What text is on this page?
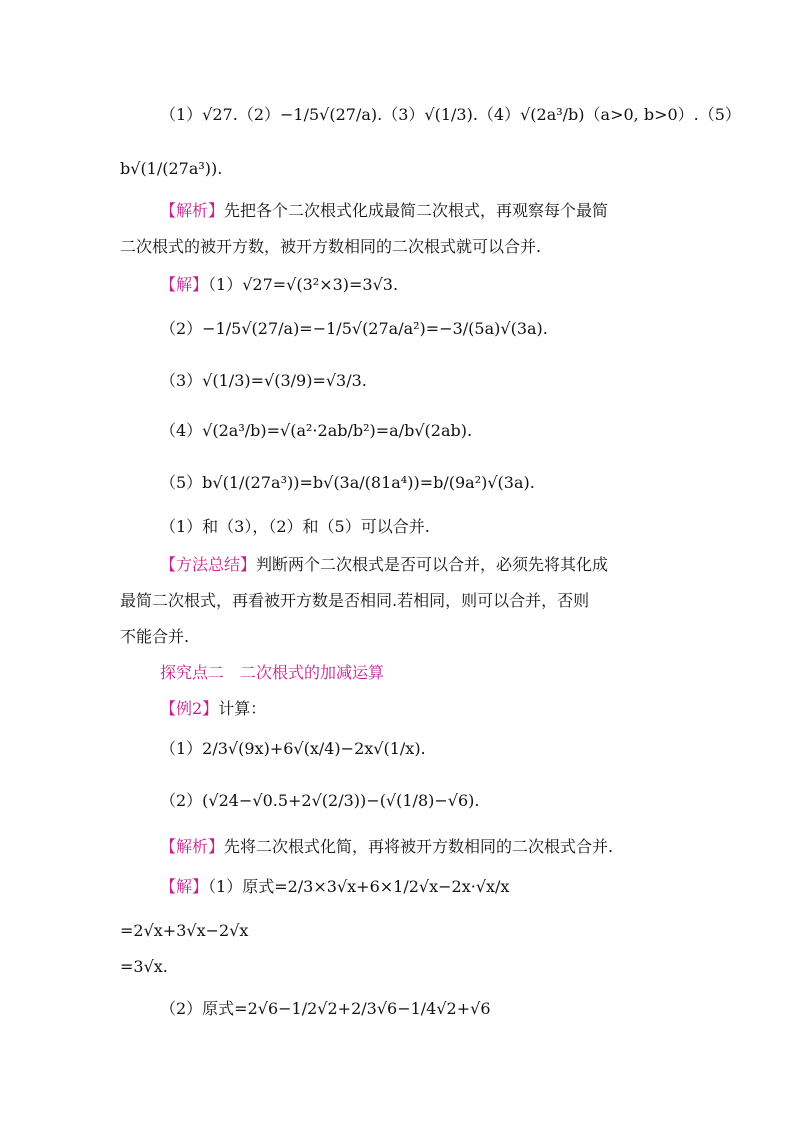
（1）√27.（2）−1/5√(27/a).（3）√(1/3).（4）√(2a³/b)（a>0, b>0）.（5）
b√(1/(27a³)).
【解析】先把各个二次根式化成最简二次根式，再观察每个最简
二次根式的被开方数，被开方数相同的二次根式就可以合并.
【解】（1）√27=√(3²×3)=3√3.
（2）−1/5√(27/a)=−1/5√(27a/a²)=−3/(5a)√(3a).
（3）√(1/3)=√(3/9)=√3/3.
（4）√(2a³/b)=√(a²·2ab/b²)=a/b√(2ab).
（5）b√(1/(27a³))=b√(3a/(81a⁴))=b/(9a²)√(3a).
（1）和（3），（2）和（5）可以合并.
【方法总结】判断两个二次根式是否可以合并，必须先将其化成
最简二次根式，再看被开方数是否相同.若相同，则可以合并，否则
不能合并.
探究点二　二次根式的加减运算
【例2】计算：
（1）2/3√(9x)+6√(x/4)−2x√(1/x).
（2）(√24−√0.5+2√(2/3))−(√(1/8)−√6).
【解析】先将二次根式化简，再将被开方数相同的二次根式合并.
【解】（1）原式=2/3×3√x+6×1/2√x−2x·√x/x
=2√x+3√x−2√x
=3√x.
（2）原式=2√6−1/2√2+2/3√6−1/4√2+√6
